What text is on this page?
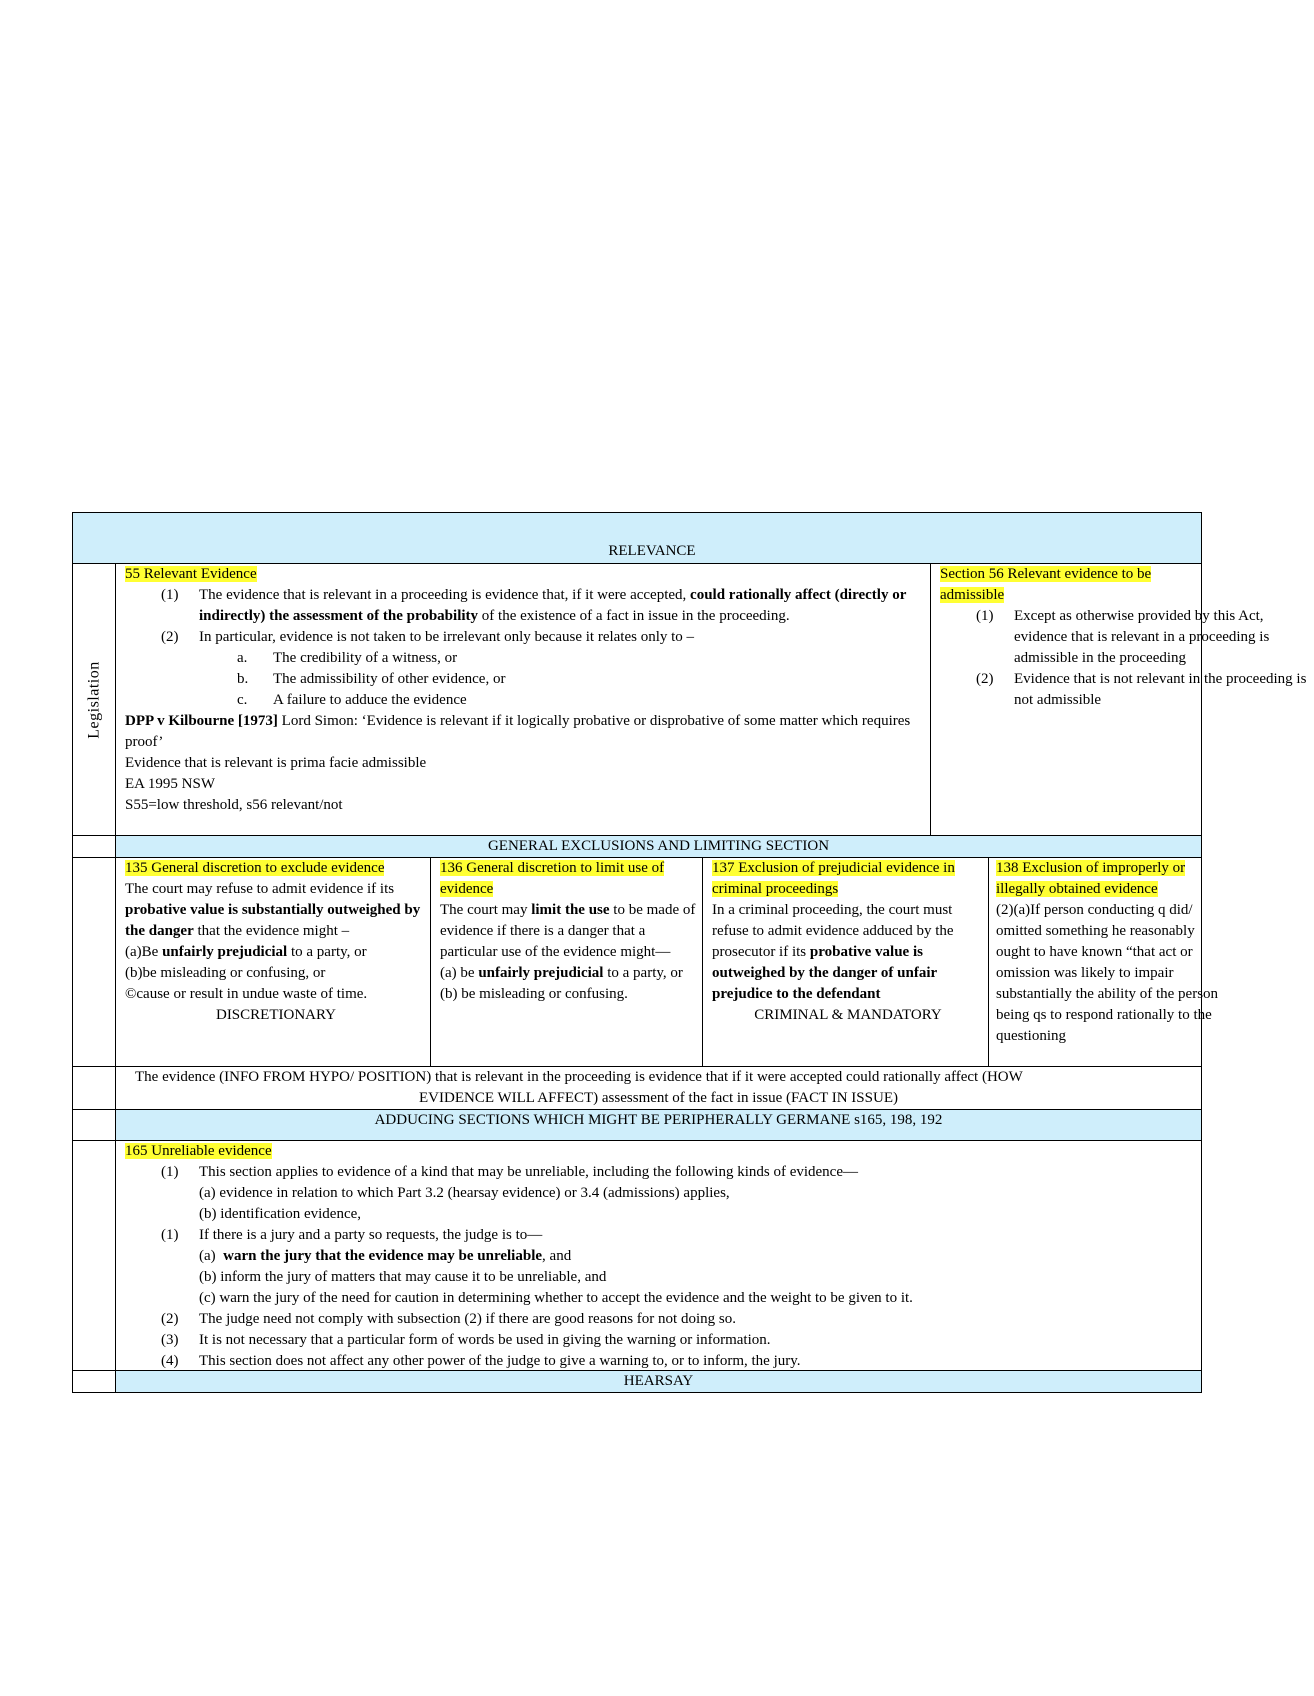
RELEVANCE
Legislation

55 Relevant Evidence

(1) The evidence that is relevant in a proceeding is evidence that, if it were accepted, could rationally affect (directly or indirectly) the assessment of the probability of the existence of a fact in issue in the proceeding.
(2) In particular, evidence is not taken to be irrelevant only because it relates only to –
a. The credibility of a witness, or
b. The admissibility of other evidence, or
c. A failure to adduce the evidence

DPP v Kilbourne [1973] Lord Simon: ‘Evidence is relevant if it logically probative or disprobative of some matter which requires proof’

Evidence that is relevant is prima facie admissible

EA 1995 NSW

S55=low threshold, s56 relevant/not

Section 56 Relevant evidence to be admissible

(1) Except as otherwise provided by this Act, evidence that is relevant in a proceeding is admissible in the proceeding
(2) Evidence that is not relevant in the proceeding is not admissible
GENERAL EXCLUSIONS AND LIMITING SECTION

135 General discretion to exclude evidence

The court may refuse to admit evidence if its probative value is substantially outweighed by the danger that the evidence might –

(a)Be unfairly prejudicial to a party, or

(b)be misleading or confusing, or

©cause or result in undue waste of time.

DISCRETIONARY

136 General discretion to limit use of evidence

The court may limit the use to be made of evidence if there is a danger that a particular use of the evidence might—

(a) be unfairly prejudicial to a party, or

(b) be misleading or confusing.

137 Exclusion of prejudicial evidence in criminal proceedings

In a criminal proceeding, the court must refuse to admit evidence adduced by the prosecutor if its probative value is outweighed by the danger of unfair prejudice to the defendant

CRIMINAL & MANDATORY

138 Exclusion of improperly or illegally obtained evidence

(2)(a)If person conducting q did/ omitted something he reasonably ought to have known “that act or omission was likely to impair substantially the ability of the person being qs to respond rationally to the questioning

The evidence (INFO FROM HYPO/ POSITION) that is relevant in the proceeding is evidence that if it were accepted could rationally affect (HOW

EVIDENCE WILL AFFECT) assessment of the fact in issue (FACT IN ISSUE)

ADDUCING SECTIONS WHICH MIGHT BE PERIPHERALLY GERMANE s165, 198, 192

165 Unreliable evidence

(1) This section applies to evidence of a kind that may be unreliable, including the following kinds of evidence—
(a) evidence in relation to which Part 3.2 (hearsay evidence) or 3.4 (admissions) applies,
(b) identification evidence,
(1) If there is a jury and a party so requests, the judge is to—
(a) warn the jury that the evidence may be unreliable, and
(b) inform the jury of matters that may cause it to be unreliable, and
(c) warn the jury of the need for caution in determining whether to accept the evidence and the weight to be given to it.
(2) The judge need not comply with subsection (2) if there are good reasons for not doing so.
(3) It is not necessary that a particular form of words be used in giving the warning or information.
(4) This section does not affect any other power of the judge to give a warning to, or to inform, the jury.
HEARSAY
